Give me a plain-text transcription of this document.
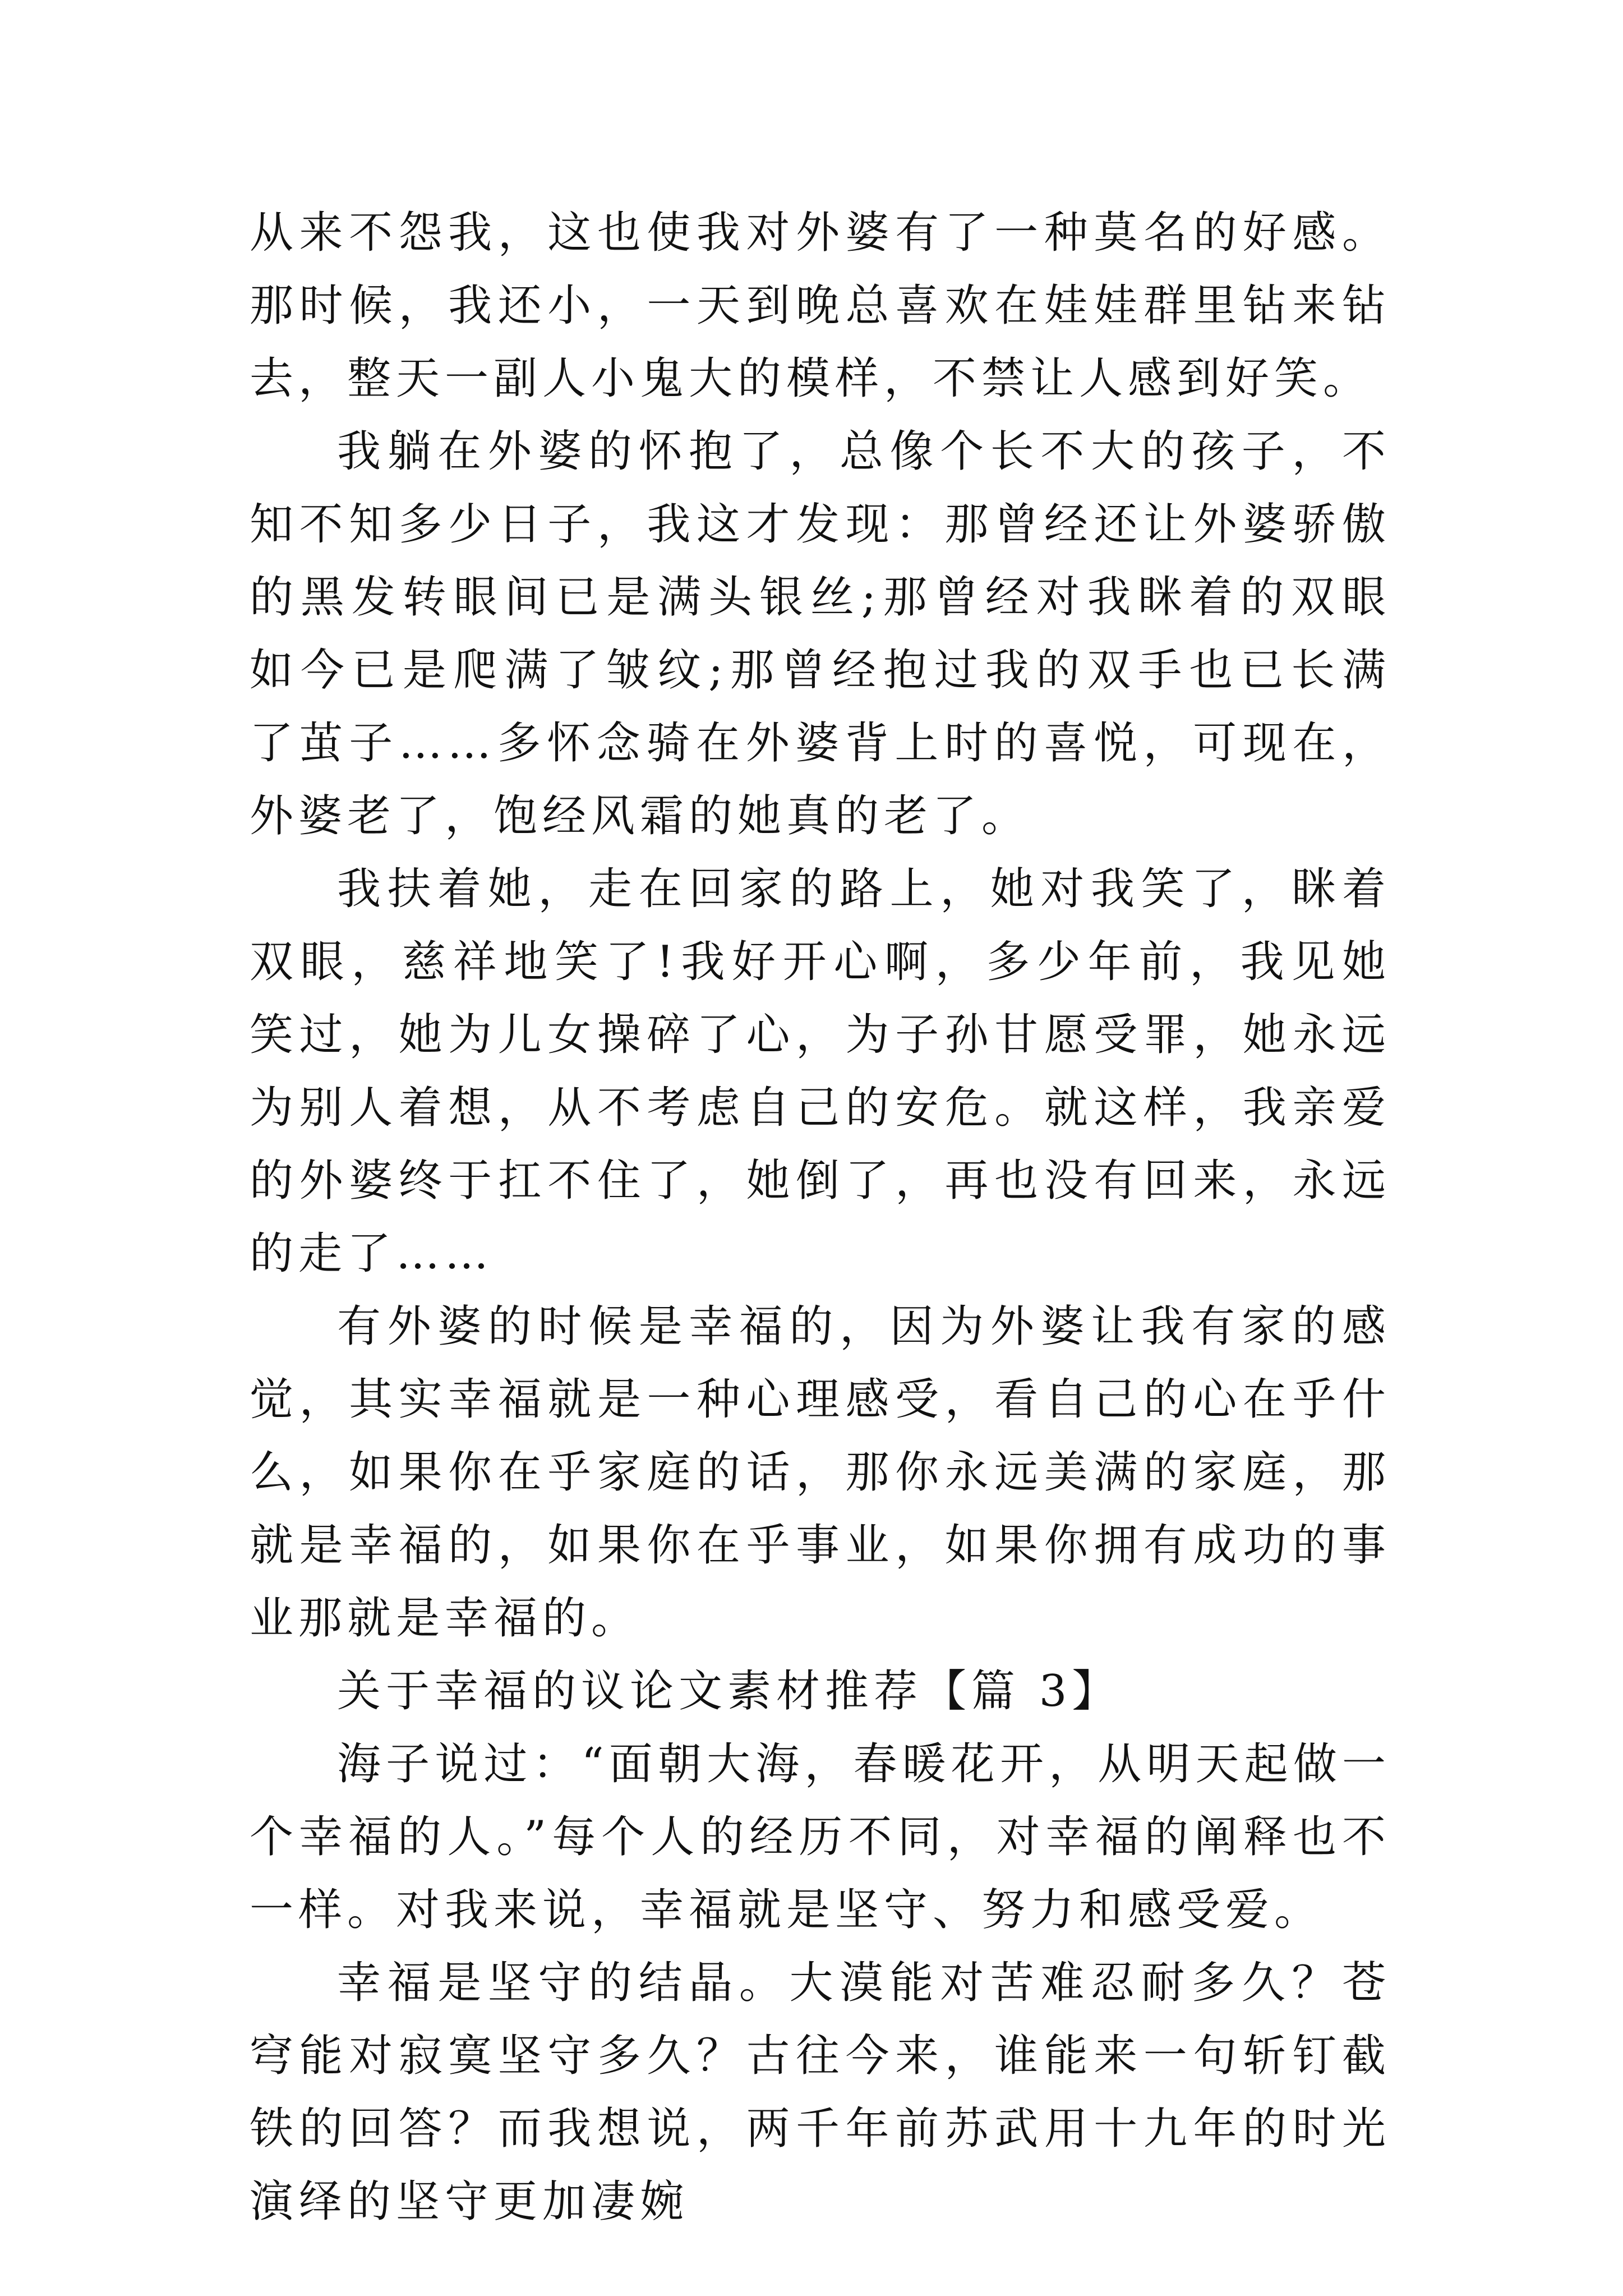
从来不怨我，这也使我对外婆有了一种莫名的好感。那时候，我还小，一天到晚总喜欢在娃娃群里钻来钻去，整天一副人小鬼大的模样，不禁让人感到好笑。

我躺在外婆的怀抱了，总像个长不大的孩子，不知不知多少日子，我这才发现：那曾经还让外婆骄傲的黑发转眼间已是满头银丝;那曾经对我眯着的双眼如今已是爬满了皱纹;那曾经抱过我的双手也已长满了茧子……多怀念骑在外婆背上时的喜悦，可现在，外婆老了，饱经风霜的她真的老了。

我扶着她，走在回家的路上，她对我笑了，眯着双眼，慈祥地笑了!我好开心啊，多少年前，我见她笑过，她为儿女操碎了心，为子孙甘愿受罪，她永远为别人着想，从不考虑自己的安危。就这样，我亲爱的外婆终于扛不住了，她倒了，再也没有回来，永远的走了……

有外婆的时候是幸福的，因为外婆让我有家的感觉，其实幸福就是一种心理感受，看自己的心在乎什么，如果你在乎家庭的话，那你永远美满的家庭，那就是幸福的，如果你在乎事业，如果你拥有成功的事业那就是幸福的。

关于幸福的议论文素材推荐【篇 3】

海子说过：“面朝大海，春暖花开，从明天起做一个幸福的人。”每个人的经历不同，对幸福的阐释也不一样。对我来说，幸福就是坚守、努力和感受爱。

幸福是坚守的结晶。大漠能对苦难忍耐多久？苍穹能对寂寞坚守多久？古往今来，谁能来一句斩钉截铁的回答？而我想说，两千年前苏武用十九年的时光演绎的坚守更加凄婉
